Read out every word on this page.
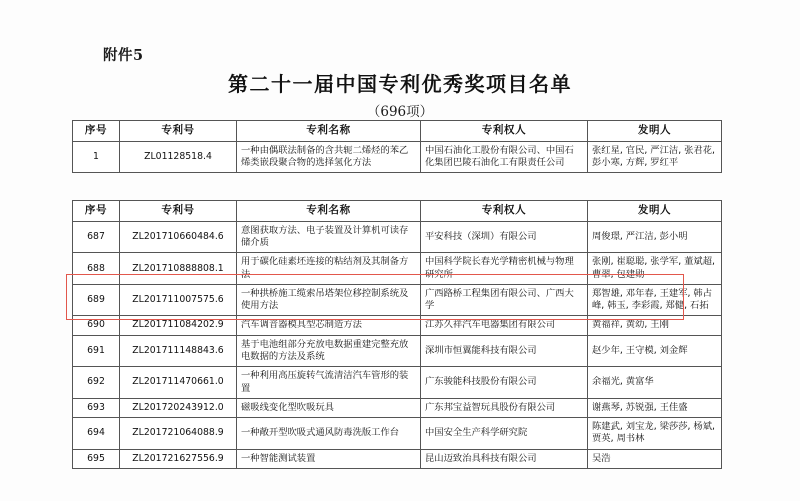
附件5
第二十一届中国专利优秀奖项目名单
（696项）
序号	专利号	专利名称	专利权人	发明人
1	ZL01128518.4	一种由偶联法制备的含共轭二烯烃的苯乙烯类嵌段聚合物的选择氢化方法	中国石油化工股份有限公司、中国石化集团巴陵石油化工有限责任公司	张红星, 官民, 严江洁, 张君花, 彭小寒, 方辉, 罗红平
序号	专利号	专利名称	专利权人	发明人
687	ZL201710660484.6	意图获取方法、电子装置及计算机可读存储介质	平安科技（深圳）有限公司	周俊璟, 严江洁, 彭小明
688	ZL201710888808.1	用于碳化硅素坯连接的粘结剂及其制备方法	中国科学院长春光学精密机械与物理研究所	张刚, 崔聪聪, 张学军, 董斌超, 曹翠, 包建勋
689	ZL201711007575.6	一种拱桥施工缆索吊塔架位移控制系统及使用方法	广西路桥工程集团有限公司、广西大学	郑智雄, 邓年春, 王建军, 韩占峰, 韩玉, 李彩霞, 郑健, 石拓
690	ZL201711084202.9	汽车调音器模具型芯制造方法	江苏久祥汽车电器集团有限公司	黄福祥, 黄幼, 王刚
691	ZL201711148843.6	基于电池组部分充放电数据重建完整充放电数据的方法及系统	深圳市恒翼能科技有限公司	赵少年, 王守模, 刘金辉
692	ZL201711470661.0	一种利用高压旋转气流清洁汽车管形的装置	广东骏能科技股份有限公司	余福光, 黄富华
693	ZL201720243912.0	磁吸线变化型吹吸玩具	广东邦宝益智玩具股份有限公司	谢燕琴, 苏锐强, 王佳盛
694	ZL201721064088.9	一种敞开型吹吸式通风防毒洗版工作台	中国安全生产科学研究院	陈建武, 刘宝龙, 梁莎莎, 杨斌, 贾英, 周书林
695	ZL201721627556.9	一种智能测试装置	昆山迈致治具科技有限公司	吴浩
